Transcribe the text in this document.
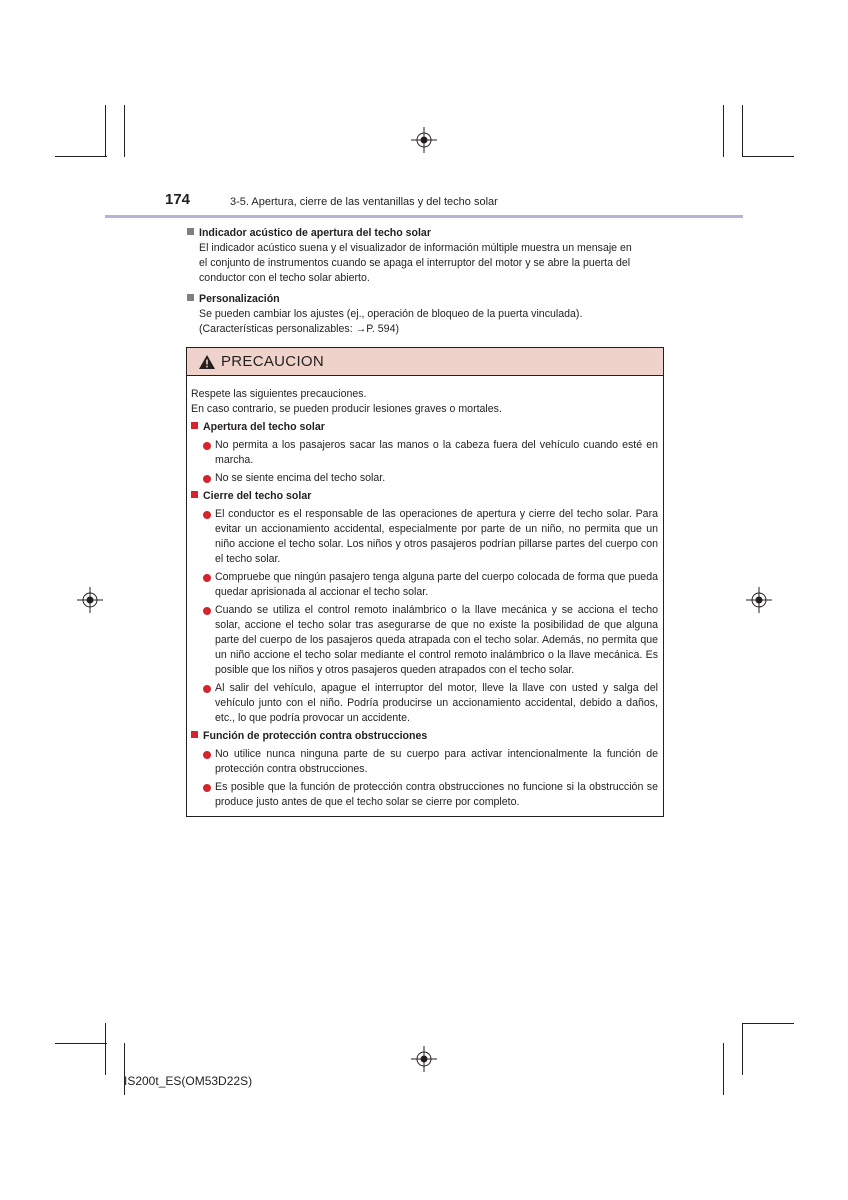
174	3-5. Apertura, cierre de las ventanillas y del techo solar
Indicador acústico de apertura del techo solar
El indicador acústico suena y el visualizador de información múltiple muestra un mensaje en
el conjunto de instrumentos cuando se apaga el interruptor del motor y se abre la puerta del
conductor con el techo solar abierto.
Personalización
Se pueden cambiar los ajustes (ej., operación de bloqueo de la puerta vinculada).
(Características personalizables: →P. 594)
PRECAUCION
Respete las siguientes precauciones.
En caso contrario, se pueden producir lesiones graves o mortales.
Apertura del techo solar
No permita a los pasajeros sacar las manos o la cabeza fuera del vehículo cuando esté en marcha.
No se siente encima del techo solar.
Cierre del techo solar
El conductor es el responsable de las operaciones de apertura y cierre del techo solar. Para evitar un accionamiento accidental, especialmente por parte de un niño, no permita que un niño accione el techo solar. Los niños y otros pasajeros podrían pillarse partes del cuerpo con el techo solar.
Compruebe que ningún pasajero tenga alguna parte del cuerpo colocada de forma que pueda quedar aprisionada al accionar el techo solar.
Cuando se utiliza el control remoto inalámbrico o la llave mecánica y se acciona el techo solar, accione el techo solar tras asegurarse de que no existe la posibilidad de que alguna parte del cuerpo de los pasajeros queda atrapada con el techo solar. Además, no permita que un niño accione el techo solar mediante el control remoto inalámbrico o la llave mecánica. Es posible que los niños y otros pasajeros queden atrapados con el techo solar.
Al salir del vehículo, apague el interruptor del motor, lleve la llave con usted y salga del vehículo junto con el niño. Podría producirse un accionamiento accidental, debido a daños, etc., lo que podría provocar un accidente.
Función de protección contra obstrucciones
No utilice nunca ninguna parte de su cuerpo para activar intencionalmente la función de protección contra obstrucciones.
Es posible que la función de protección contra obstrucciones no funcione si la obstrucción se produce justo antes de que el techo solar se cierre por completo.
IS200t_ES(OM53D22S)
